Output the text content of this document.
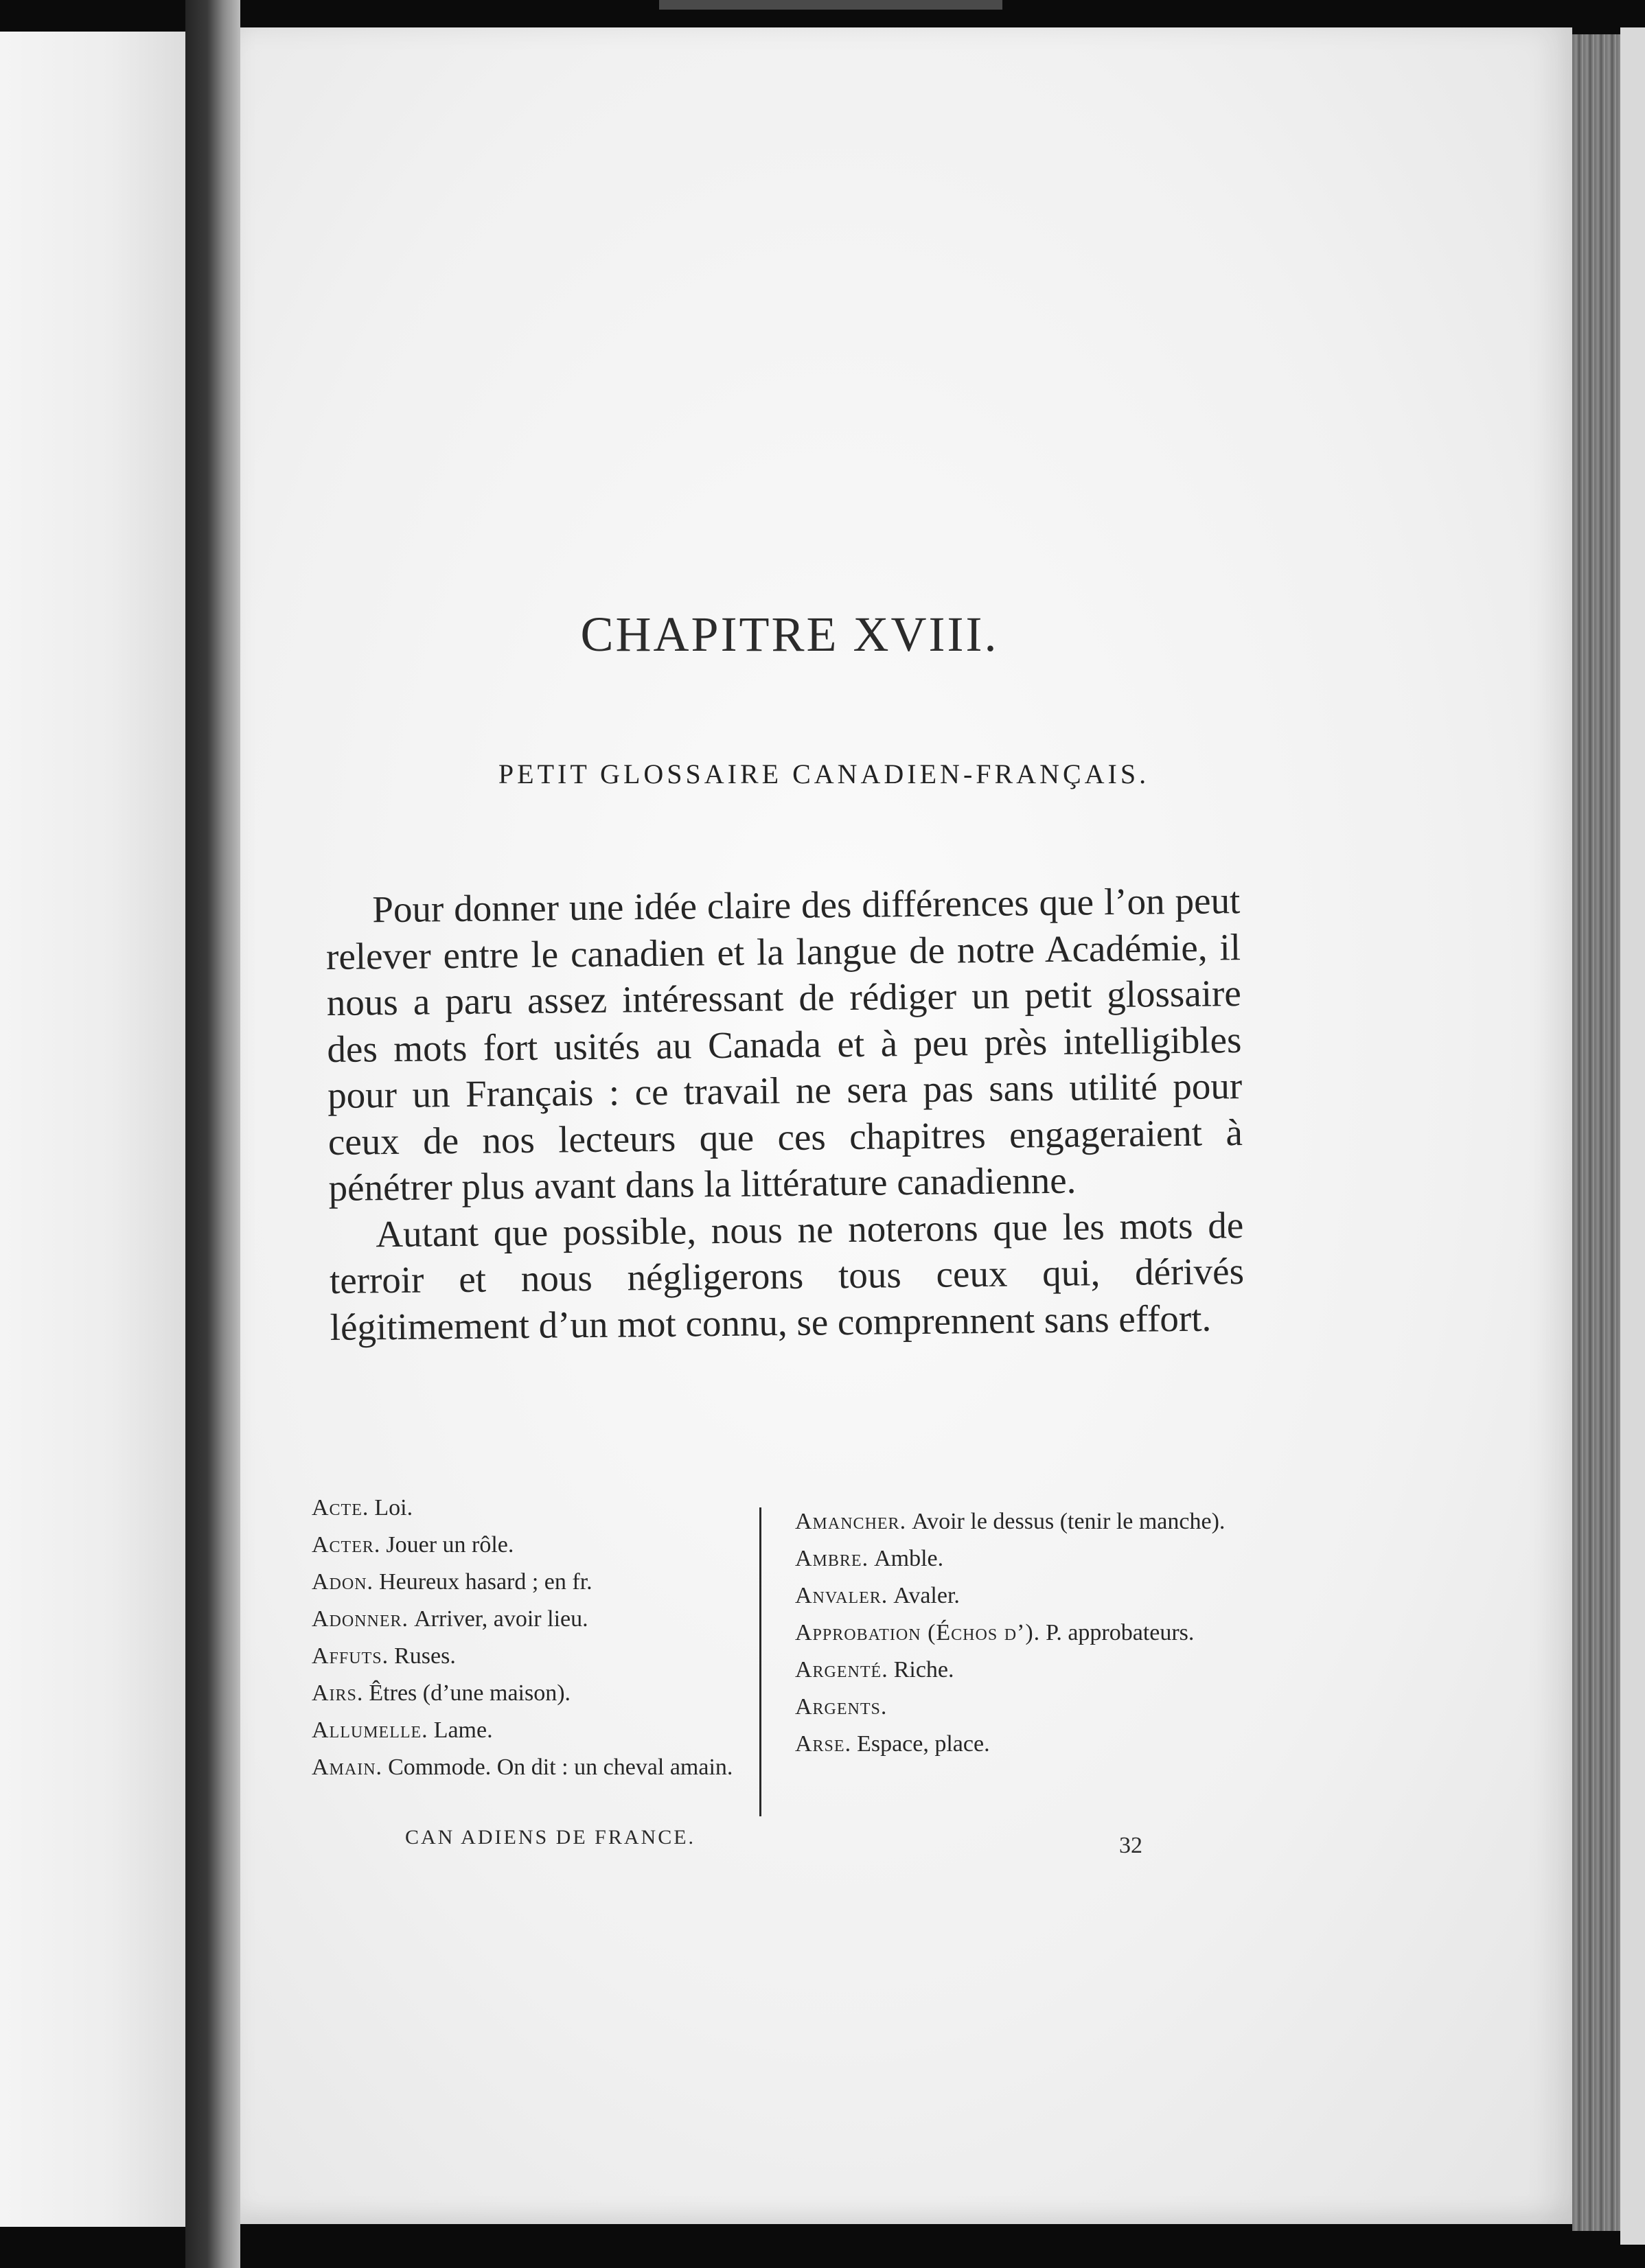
CHAPITRE XVIII.
PETIT GLOSSAIRE CANADIEN-FRANÇAIS.

Pour donner une idée claire des différences que l’on peut relever entre le canadien et la langue de notre Académie, il nous a paru assez intéressant de rédiger un petit glossaire des mots fort usités au Canada et à peu près intelligibles pour un Français : ce travail ne sera pas sans utilité pour ceux de nos lecteurs que ces chapitres engageraient à pénétrer plus avant dans la littérature canadienne.

Autant que possible, nous ne noterons que les mots de terroir et nous négligerons tous ceux qui, dérivés légitimement d’un mot connu, se comprennent sans effort.

Acte. Loi.
Acter. Jouer un rôle.
Adon. Heureux hasard ; en fr.
Adonner. Arriver, avoir lieu.
Affuts. Ruses.
Airs. Êtres (d’une maison).
Allumelle. Lame.
Amain. Commode. On dit : un cheval amain.
Amancher. Avoir le dessus (tenir le manche).
Ambre. Amble.
Anvaler. Avaler.
Approbation (Échos d’). P. approbateurs.
Argenté. Riche.
Argents.
Arse. Espace, place.
CAN ADIENS DE FRANCE.	32
